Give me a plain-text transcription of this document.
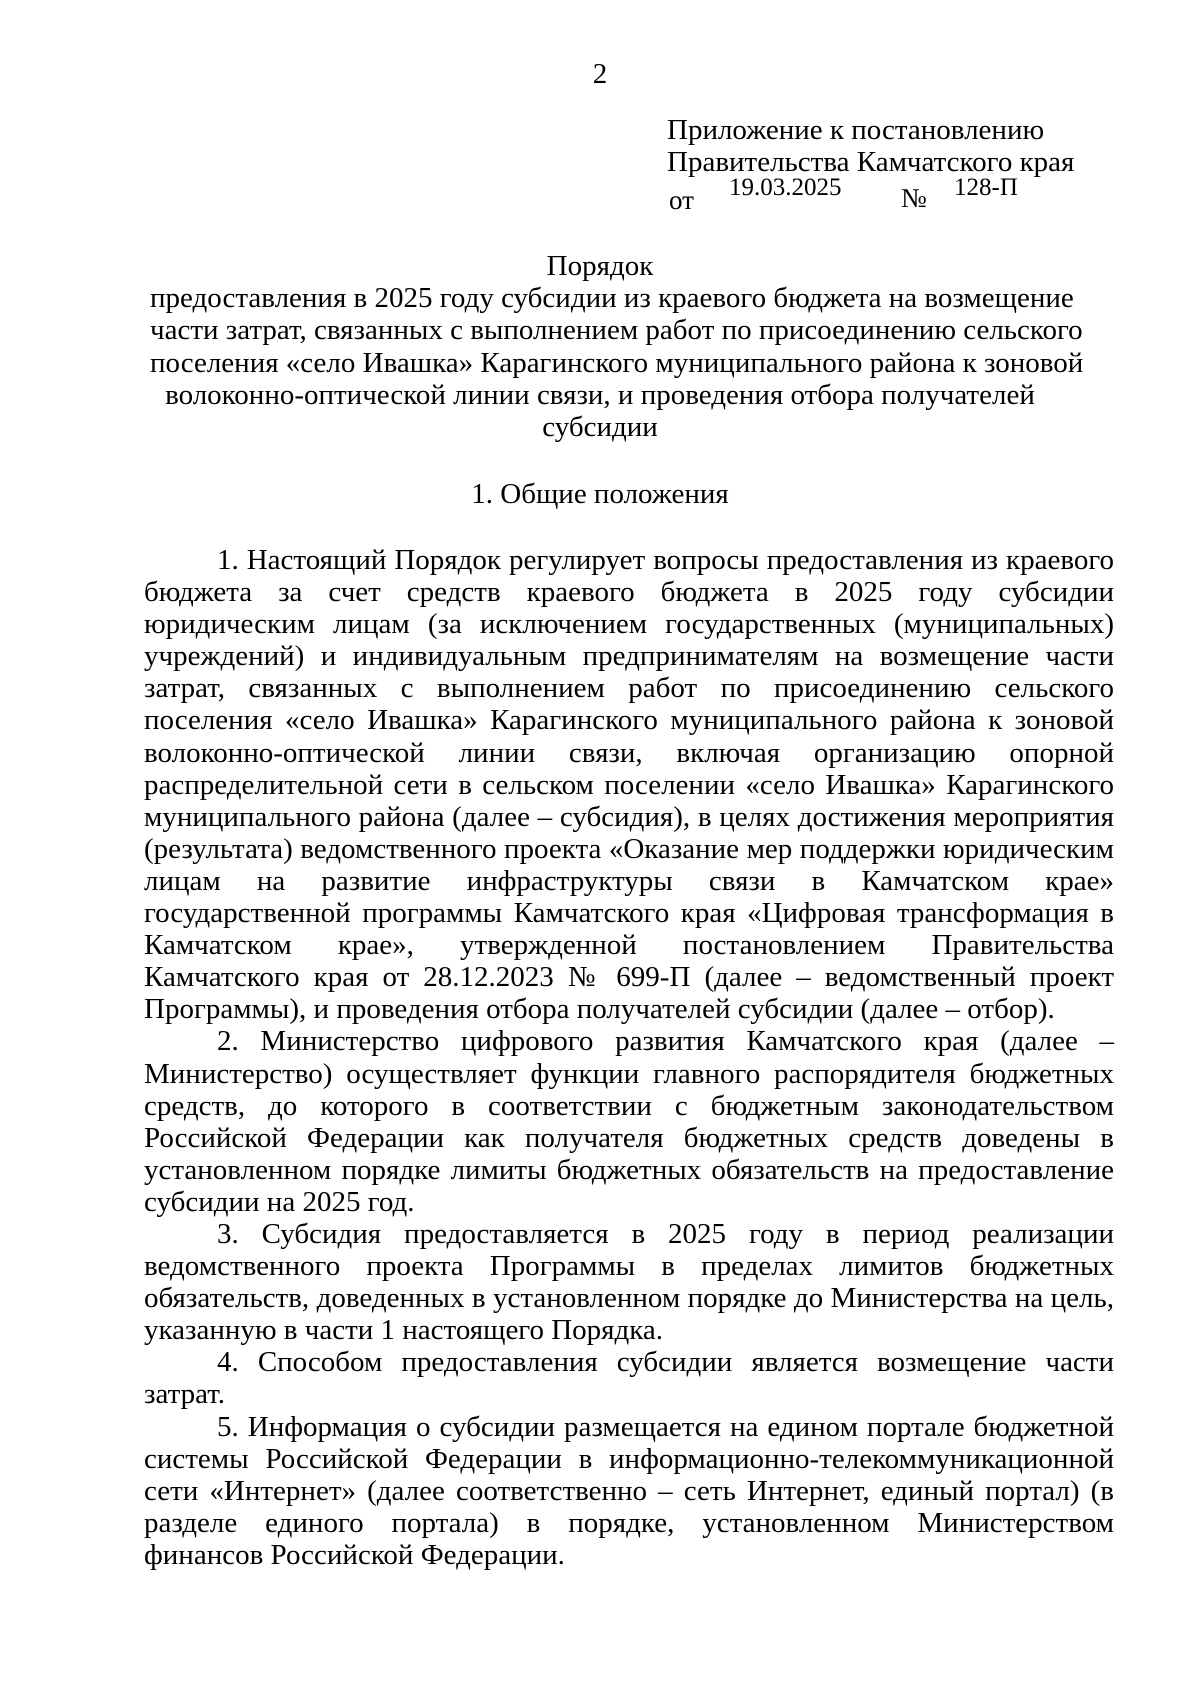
2
Приложение к постановлению
Правительства Камчатского края
от 19.03.2025 № 128-П
Порядок
предоставления в 2025 году субсидии из краевого бюджета на возмещение
части затрат, связанных с выполнением работ по присоединению сельского
поселения «село Ивашка» Карагинского муниципального района к зоновой
волоконно-оптической линии связи, и проведения отбора получателей
субсидии
1. Общие положения

1. Настоящий Порядок регулирует вопросы предоставления из краевого бюджета за счет средств краевого бюджета в 2025 году субсидии юридическим лицам (за исключением государственных (муниципальных) учреждений) и индивидуальным предпринимателям на возмещение части затрат, связанных с выполнением работ по присоединению сельского поселения «село Ивашка» Карагинского муниципального района к зоновой волоконно-оптической линии связи, включая организацию опорной распределительной сети в сельском поселении «село Ивашка» Карагинского муниципального района (далее – субсидия), в целях достижения мероприятия (результата) ведомственного проекта «Оказание мер поддержки юридическим лицам на развитие инфраструктуры связи в Камчатском крае» государственной программы Камчатского края «Цифровая трансформация в Камчатском крае», утвержденной постановлением Правительства Камчатского края от 28.12.2023 № 699-П (далее – ведомственный проект Программы), и проведения отбора получателей субсидии (далее – отбор).

2. Министерство цифрового развития Камчатского края (далее – Министерство) осуществляет функции главного распорядителя бюджетных средств, до которого в соответствии с бюджетным законодательством Российской Федерации как получателя бюджетных средств доведены в установленном порядке лимиты бюджетных обязательств на предоставление субсидии на 2025 год.

3. Субсидия предоставляется в 2025 году в период реализации ведомственного проекта Программы в пределах лимитов бюджетных обязательств, доведенных в установленном порядке до Министерства на цель, указанную в части 1 настоящего Порядка.

4. Способом предоставления субсидии является возмещение части затрат.

5. Информация о субсидии размещается на едином портале бюджетной системы Российской Федерации в информационно-телекоммуникационной сети «Интернет» (далее соответственно – сеть Интернет, единый портал) (в разделе единого портала) в порядке, установленном Министерством финансов Российской Федерации.
